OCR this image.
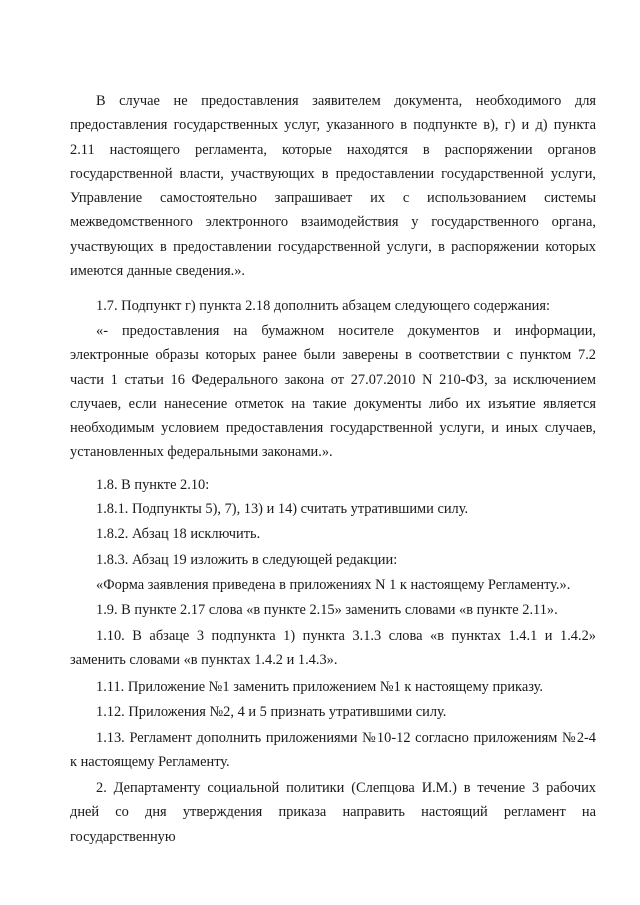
В случае не предоставления заявителем документа, необходимого для предоставления государственных услуг, указанного в подпункте в), г) и д) пункта 2.11 настоящего регламента, которые находятся в распоряжении органов государственной власти, участвующих в предоставлении государственной услуги, Управление самостоятельно запрашивает их с использованием системы межведомственного электронного взаимодействия у государственного органа, участвующих в предоставлении государственной услуги, в распоряжении которых имеются данные сведения.».

1.7. Подпункт г) пункта 2.18 дополнить абзацем следующего содержания:

«- предоставления на бумажном носителе документов и информации, электронные образы которых ранее были заверены в соответствии с пунктом 7.2 части 1 статьи 16 Федерального закона от 27.07.2010 N 210-ФЗ, за исключением случаев, если нанесение отметок на такие документы либо их изъятие является необходимым условием предоставления государственной услуги, и иных случаев, установленных федеральными законами.».

1.8. В пункте 2.10:

1.8.1. Подпункты 5), 7), 13) и 14) считать утратившими силу.

1.8.2. Абзац 18 исключить.

1.8.3. Абзац 19 изложить в следующей редакции:

«Форма заявления приведена в приложениях N 1 к настоящему Регламенту.».

1.9. В пункте 2.17 слова «в пункте 2.15» заменить словами «в пункте 2.11».

1.10. В абзаце 3 подпункта 1) пункта 3.1.3 слова «в пунктах 1.4.1 и 1.4.2» заменить словами «в пунктах 1.4.2 и 1.4.3».

1.11. Приложение №1 заменить приложением №1 к настоящему приказу.

1.12. Приложения №2, 4 и 5 признать утратившими силу.

1.13. Регламент дополнить приложениями №10-12 согласно приложениям №2-4 к настоящему Регламенту.

2. Департаменту социальной политики (Слепцова И.М.) в течение 3 рабочих дней со дня утверждения приказа направить настоящий регламент на государственную
